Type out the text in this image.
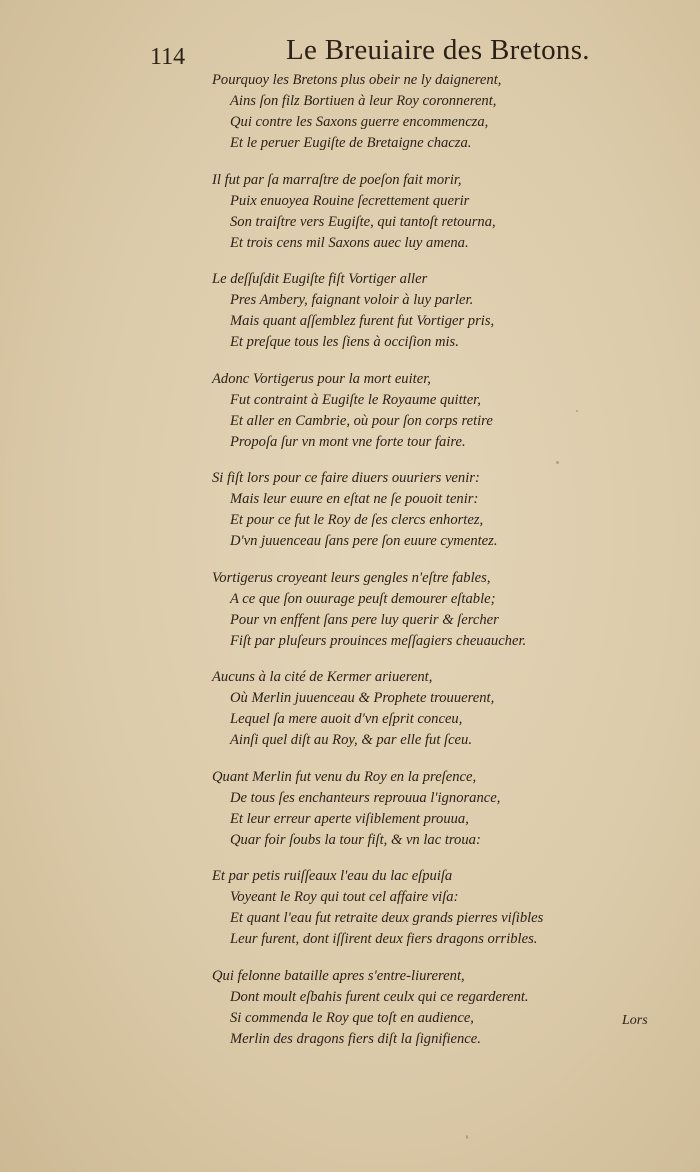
114	Le Breuiaire des Bretons.
Pourquoy les Bretons plus obeir ne ly daignerent,
Ains ſon filz Bortiuen à leur Roy coronnerent,
Qui contre les Saxons guerre encommencza,
Et le peruer Eugiſte de Bretaigne chacza.
Il fut par ſa marraſtre de poeſon fait morir,
Puix enuoyea Rouine ſecrettement querir
Son traiſtre vers Eugiſte, qui tantoſt retourna,
Et trois cens mil Saxons auec luy amena.
Le deſſuſdit Eugiſte fiſt Vortiger aller
Pres Ambery, faignant voloir à luy parler.
Mais quant aſſemblez furent fut Vortiger pris,
Et preſque tous les ſiens à occiſion mis.
Adonc Vortigerus pour la mort euiter,
Fut contraint à Eugiſte le Royaume quitter,
Et aller en Cambrie, où pour ſon corps retire
Propoſa ſur vn mont vne forte tour faire.
Si fiſt lors pour ce faire diuers ouuriers venir:
Mais leur euure en eſtat ne ſe pouoit tenir:
Et pour ce fut le Roy de ſes clercs enhortez,
D'vn juuenceau ſans pere ſon euure cymentez.
Vortigerus croyeant leurs gengles n'eſtre fables,
A ce que ſon ouurage peuſt demourer eſtable;
Pour vn enffent ſans pere luy querir & ſercher
Fiſt par pluſeurs prouinces meſſagiers cheuaucher.
Aucuns à la cité de Kermer ariuerent,
Où Merlin juuenceau & Prophete trouuerent,
Lequel ſa mere auoit d'vn eſprit conceu,
Ainſi quel diſt au Roy, & par elle fut ſceu.
Quant Merlin fut venu du Roy en la preſence,
De tous ſes enchanteurs reprouua l'ignorance,
Et leur erreur aperte viſiblement prouua,
Quar foir ſoubs la tour fiſt, & vn lac troua:
Et par petis ruiſſeaux l'eau du lac eſpuiſa
Voyeant le Roy qui tout cel affaire viſa:
Et quant l'eau fut retraite deux grands pierres viſibles
Leur furent, dont iſſirent deux fiers dragons orribles.
Qui felonne bataille apres s'entre-liurerent,
Dont moult eſbahis furent ceulx qui ce regarderent.
Si commenda le Roy que toſt en audience,
Merlin des dragons fiers diſt la ſignifience.
Lors
